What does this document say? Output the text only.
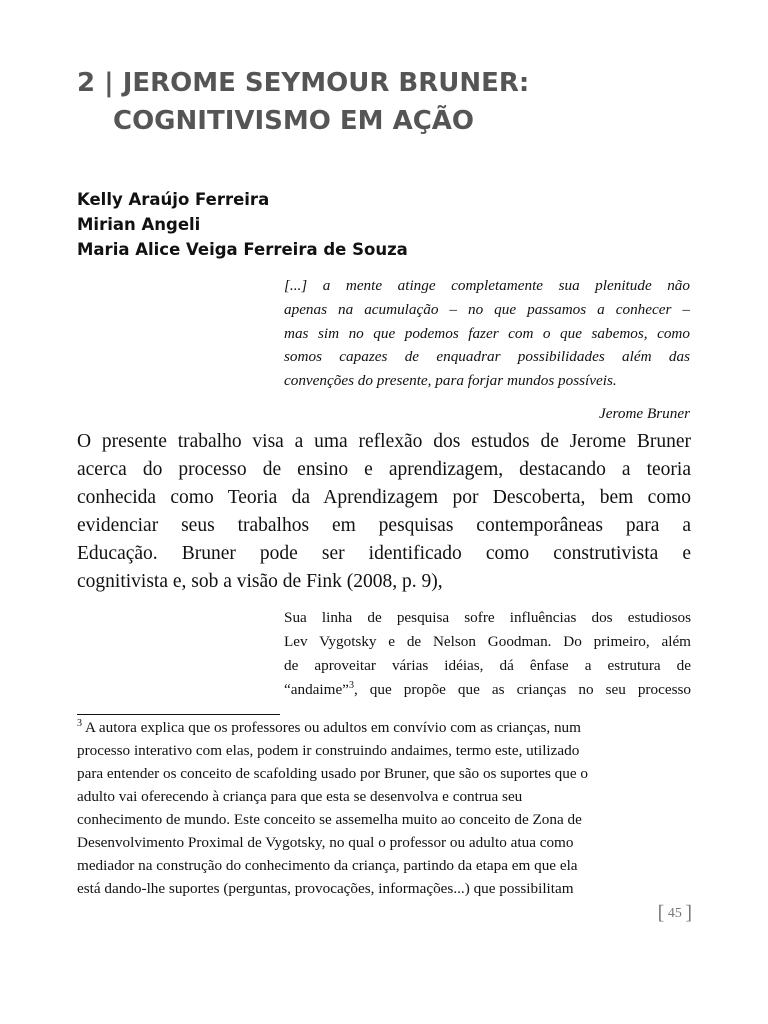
2 | JEROME SEYMOUR BRUNER:
COGNITIVISMO EM AÇÃO
Kelly Araújo Ferreira
Mirian Angeli
Maria Alice Veiga Ferreira de Souza
[...] a mente atinge completamente sua plenitude não
apenas na acumulação – no que passamos a conhecer –
mas sim no que podemos fazer com o que sabemos, como
somos capazes de enquadrar possibilidades além das
convenções do presente, para forjar mundos possíveis.
Jerome Bruner
O presente trabalho visa a uma reflexão dos estudos de Jerome Bruner
acerca do processo de ensino e aprendizagem, destacando a teoria
conhecida como Teoria da Aprendizagem por Descoberta, bem como
evidenciar seus trabalhos em pesquisas contemporâneas para a
Educação. Bruner pode ser identificado como construtivista e
cognitivista e, sob a visão de Fink (2008, p. 9),
Sua linha de pesquisa sofre influências dos estudiosos
Lev Vygotsky e de Nelson Goodman. Do primeiro, além
de aproveitar várias idéias, dá ênfase a estrutura de
“andaime”$^3$, que propõe que as crianças no seu processo
$^3$ A autora explica que os professores ou adultos em convívio com as crianças, num
processo interativo com elas, podem ir construindo andaimes, termo este, utilizado
para entender os conceito de scafolding usado por Bruner, que são os suportes que o
adulto vai oferecendo à criança para que esta se desenvolva e contrua seu
conhecimento de mundo. Este conceito se assemelha muito ao conceito de Zona de
Desenvolvimento Proximal de Vygotsky, no qual o professor ou adulto atua como
mediador na construção do conhecimento da criança, partindo da etapa em que ela
está dando-lhe suportes (perguntas, provocações, informações...) que possibilitam
[ 45 ]
